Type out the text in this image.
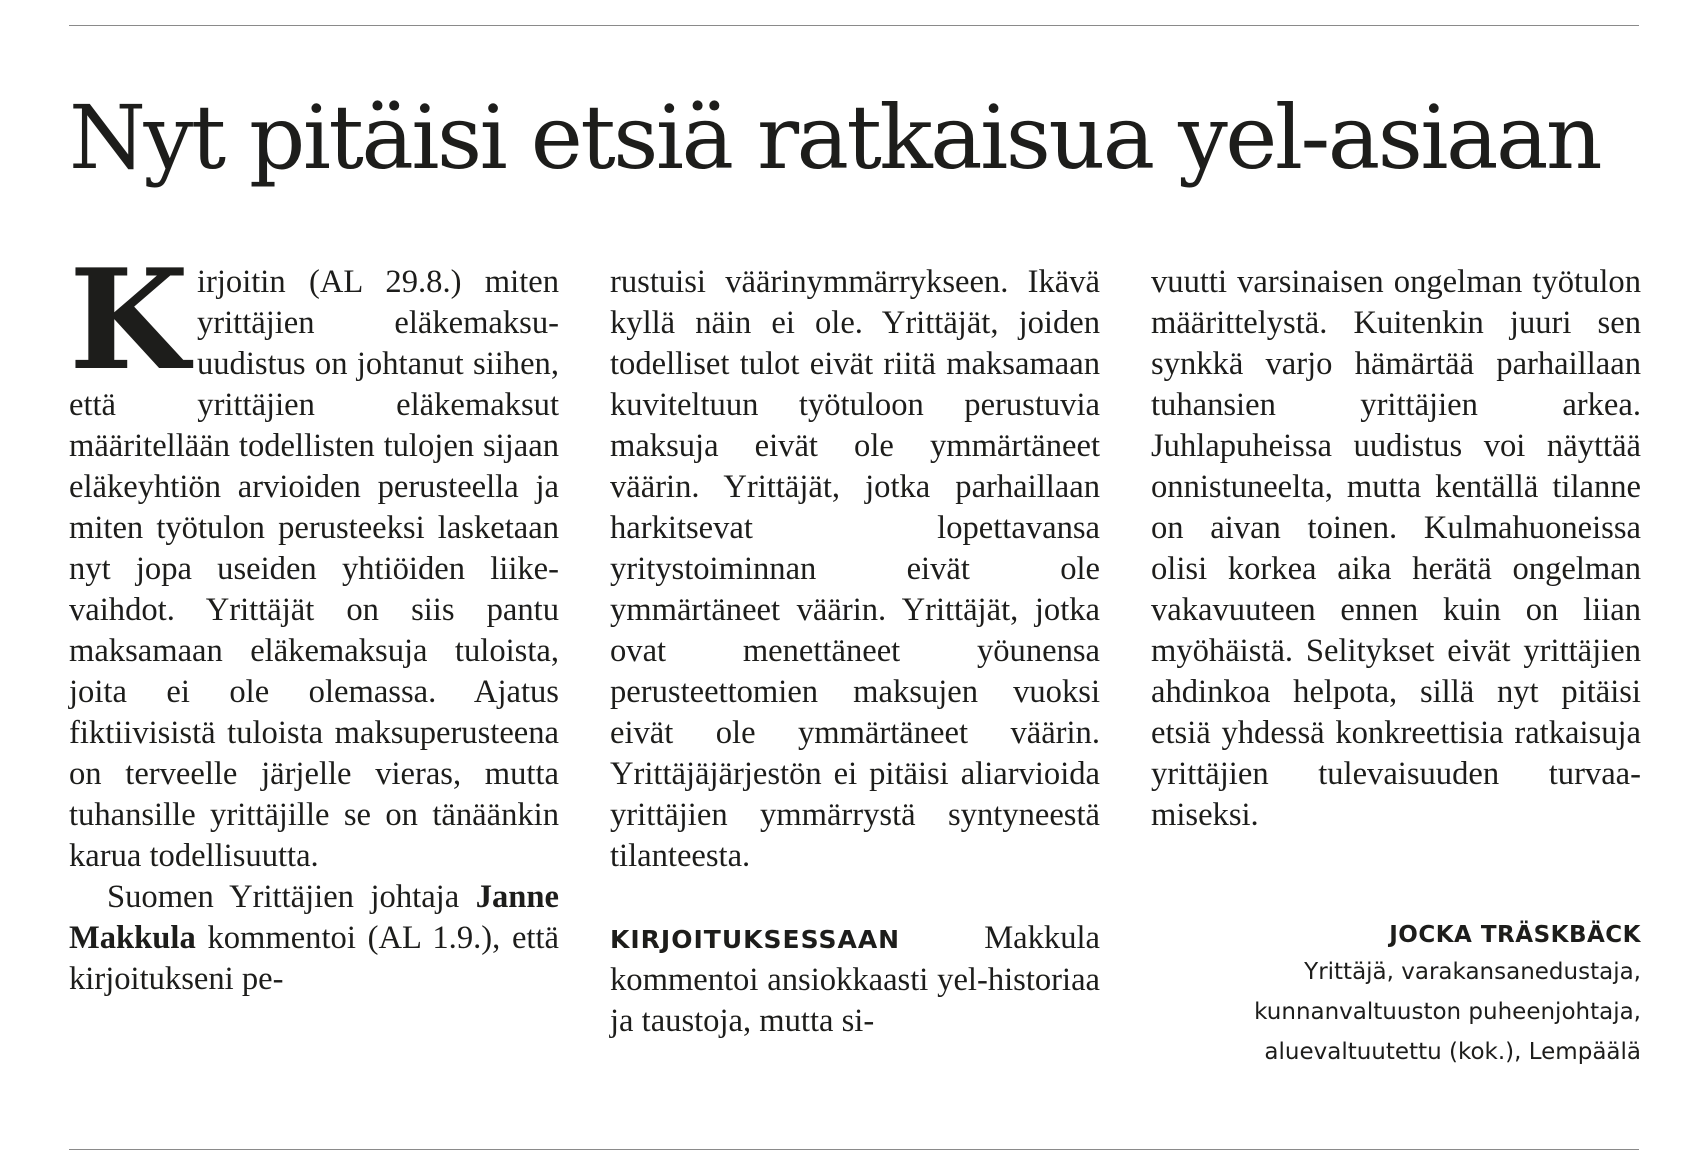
Nyt pitäisi etsiä ratkaisua yel-asiaan

Kirjoitin (AL 29.8.) miten yrittäjien eläkemaksuuudistus on johtanut siihen, että yrittäjien eläkemaksut määritellään todellisten tulojen sijaan eläkeyhtiön arvioiden perusteella ja miten työtulon perusteeksi lasketaan nyt jopa useiden yhtiöiden liikevaihdot. Yrittäjät on siis pantu maksamaan eläkemaksuja tuloista, joita ei ole olemassa. Ajatus fiktiivisistä tuloista maksuperusteena on terveelle järjelle vieras, mutta tuhansille yrittäjille se on tänäänkin karua todellisuutta.

Suomen Yrittäjien johtaja Janne Makkula kommentoi (AL 1.9.), että kirjoitukseni pe-

rustuisi väärinymmärrykseen. Ikävä kyllä näin ei ole. Yrittäjät, joiden todelliset tulot eivät riitä maksamaan kuviteltuun työtuloon perustuvia maksuja eivät ole ymmärtäneet väärin. Yrittäjät, jotka parhaillaan harkitsevat lopettavansa yritystoiminnan eivät ole ymmärtäneet väärin. Yrittäjät, jotka ovat menettäneet yöunensa perusteettomien maksujen vuoksi eivät ole ymmärtäneet väärin. Yrittäjäjärjestön ei pitäisi aliarvioida yrittäjien ymmärrystä syntyneestä tilanteesta.

KIRJOITUKSESSAAN	Makkula kommentoi ansiokkaasti yel-historiaa ja taustoja, mutta si-

vuutti varsinaisen ongelman työtulon määrittelystä. Kuitenkin juuri sen synkkä varjo hämärtää parhaillaan tuhansien yrittäjien arkea. Juhlapuheissa uudistus voi näyttää onnistuneelta, mutta kentällä tilanne on aivan toinen. Kulmahuoneissa olisi korkea aika herätä ongelman vakavuuteen ennen kuin on liian myöhäistä. Selitykset eivät yrittäjien ahdinkoa helpota, sillä nyt pitäisi etsiä yhdessä konkreettisia ratkaisuja yrittäjien tulevaisuuden turvaamiseksi.

JOCKA TRÄSKBÄCK
Yrittäjä, varakansanedustaja,
kunnanvaltuuston puheenjohtaja,
aluevaltuutettu (kok.), Lempäälä
